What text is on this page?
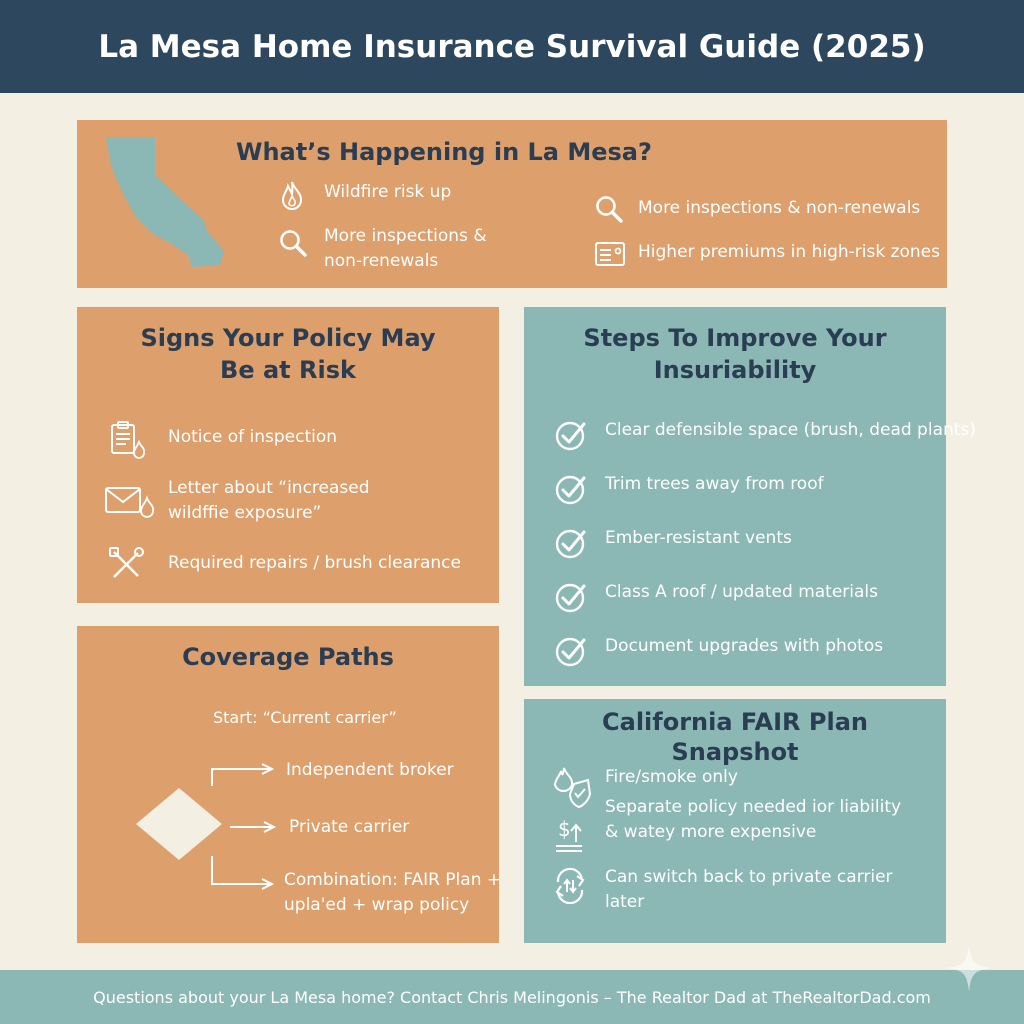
La Mesa Home Insurance Survival Guide (2025)
What’s Happening in La Mesa?
Wildfire risk up
More inspections &
non-renewals
More inspections & non-renewals
Higher premiums in high-risk zones
Signs Your Policy May
Be at Risk
Notice of inspection
Letter about “increased
wildffie exposure”
Required repairs / brush clearance
Steps To Improve Your
Insuriability
Clear defensible space (brush, dead plants)
Trim trees away from roof
Ember-resistant vents
Class A roof / updated materials
Document upgrades with photos
Coverage Paths
Start: “Current carrier”
Independent broker
Private carrier
Combination: FAIR Plan +
upla'ed + wrap policy
California FAIR Plan
Snapshot
Fire/smoke only
Separate policy needed ior liability
$ & watey more expensive
Can switch back to private carrier
later
Questions about your La Mesa home? Contact Chris Melingonis – The Realtor Dad at TheRealtorDad.com
